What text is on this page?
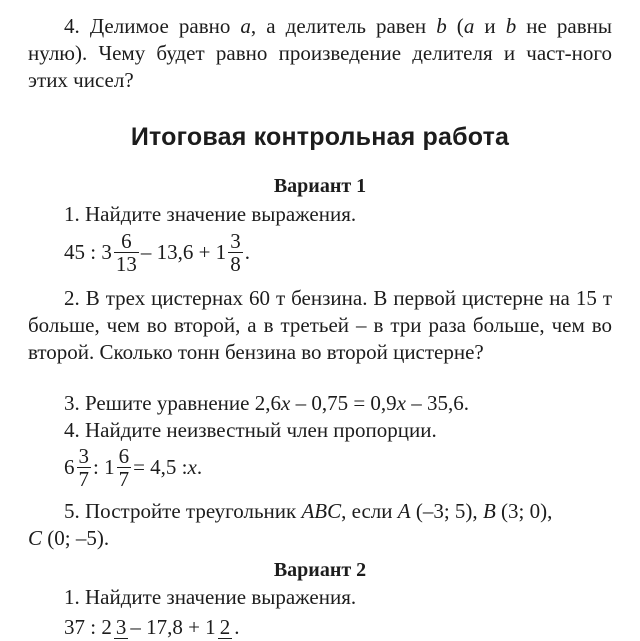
4. Делимое равно a, а делитель равен b (a и b не равны нулю). Чему будет равно произведение делителя и част-ного этих чисел?

Итоговая контрольная работа
Вариант 1

1. Найдите значение выражения.

45 : $3 \frac{6}{13} - 13,6 + 1 \frac{3}{8}$ .

2. В трех цистернах 60 т бензина. В первой цистерне на 15 т больше, чем во второй, а в третьей – в три раза больше, чем во второй. Сколько тонн бензина во второй цистерне?

3. Решите уравнение 2,6x – 0,75 = 0,9x – 35,6.

4. Найдите неизвестный член пропорции.

$6 \frac{3}{7}$ : $1 \frac{6}{7} = 4,5$ :x.

5. Постройте треугольник ABC, если A (–3; 5), B (3; 0),

C (0; –5).

Вариант 2

1. Найдите значение выражения.

37 : 2 3 – 17,8 + 1 2 .
